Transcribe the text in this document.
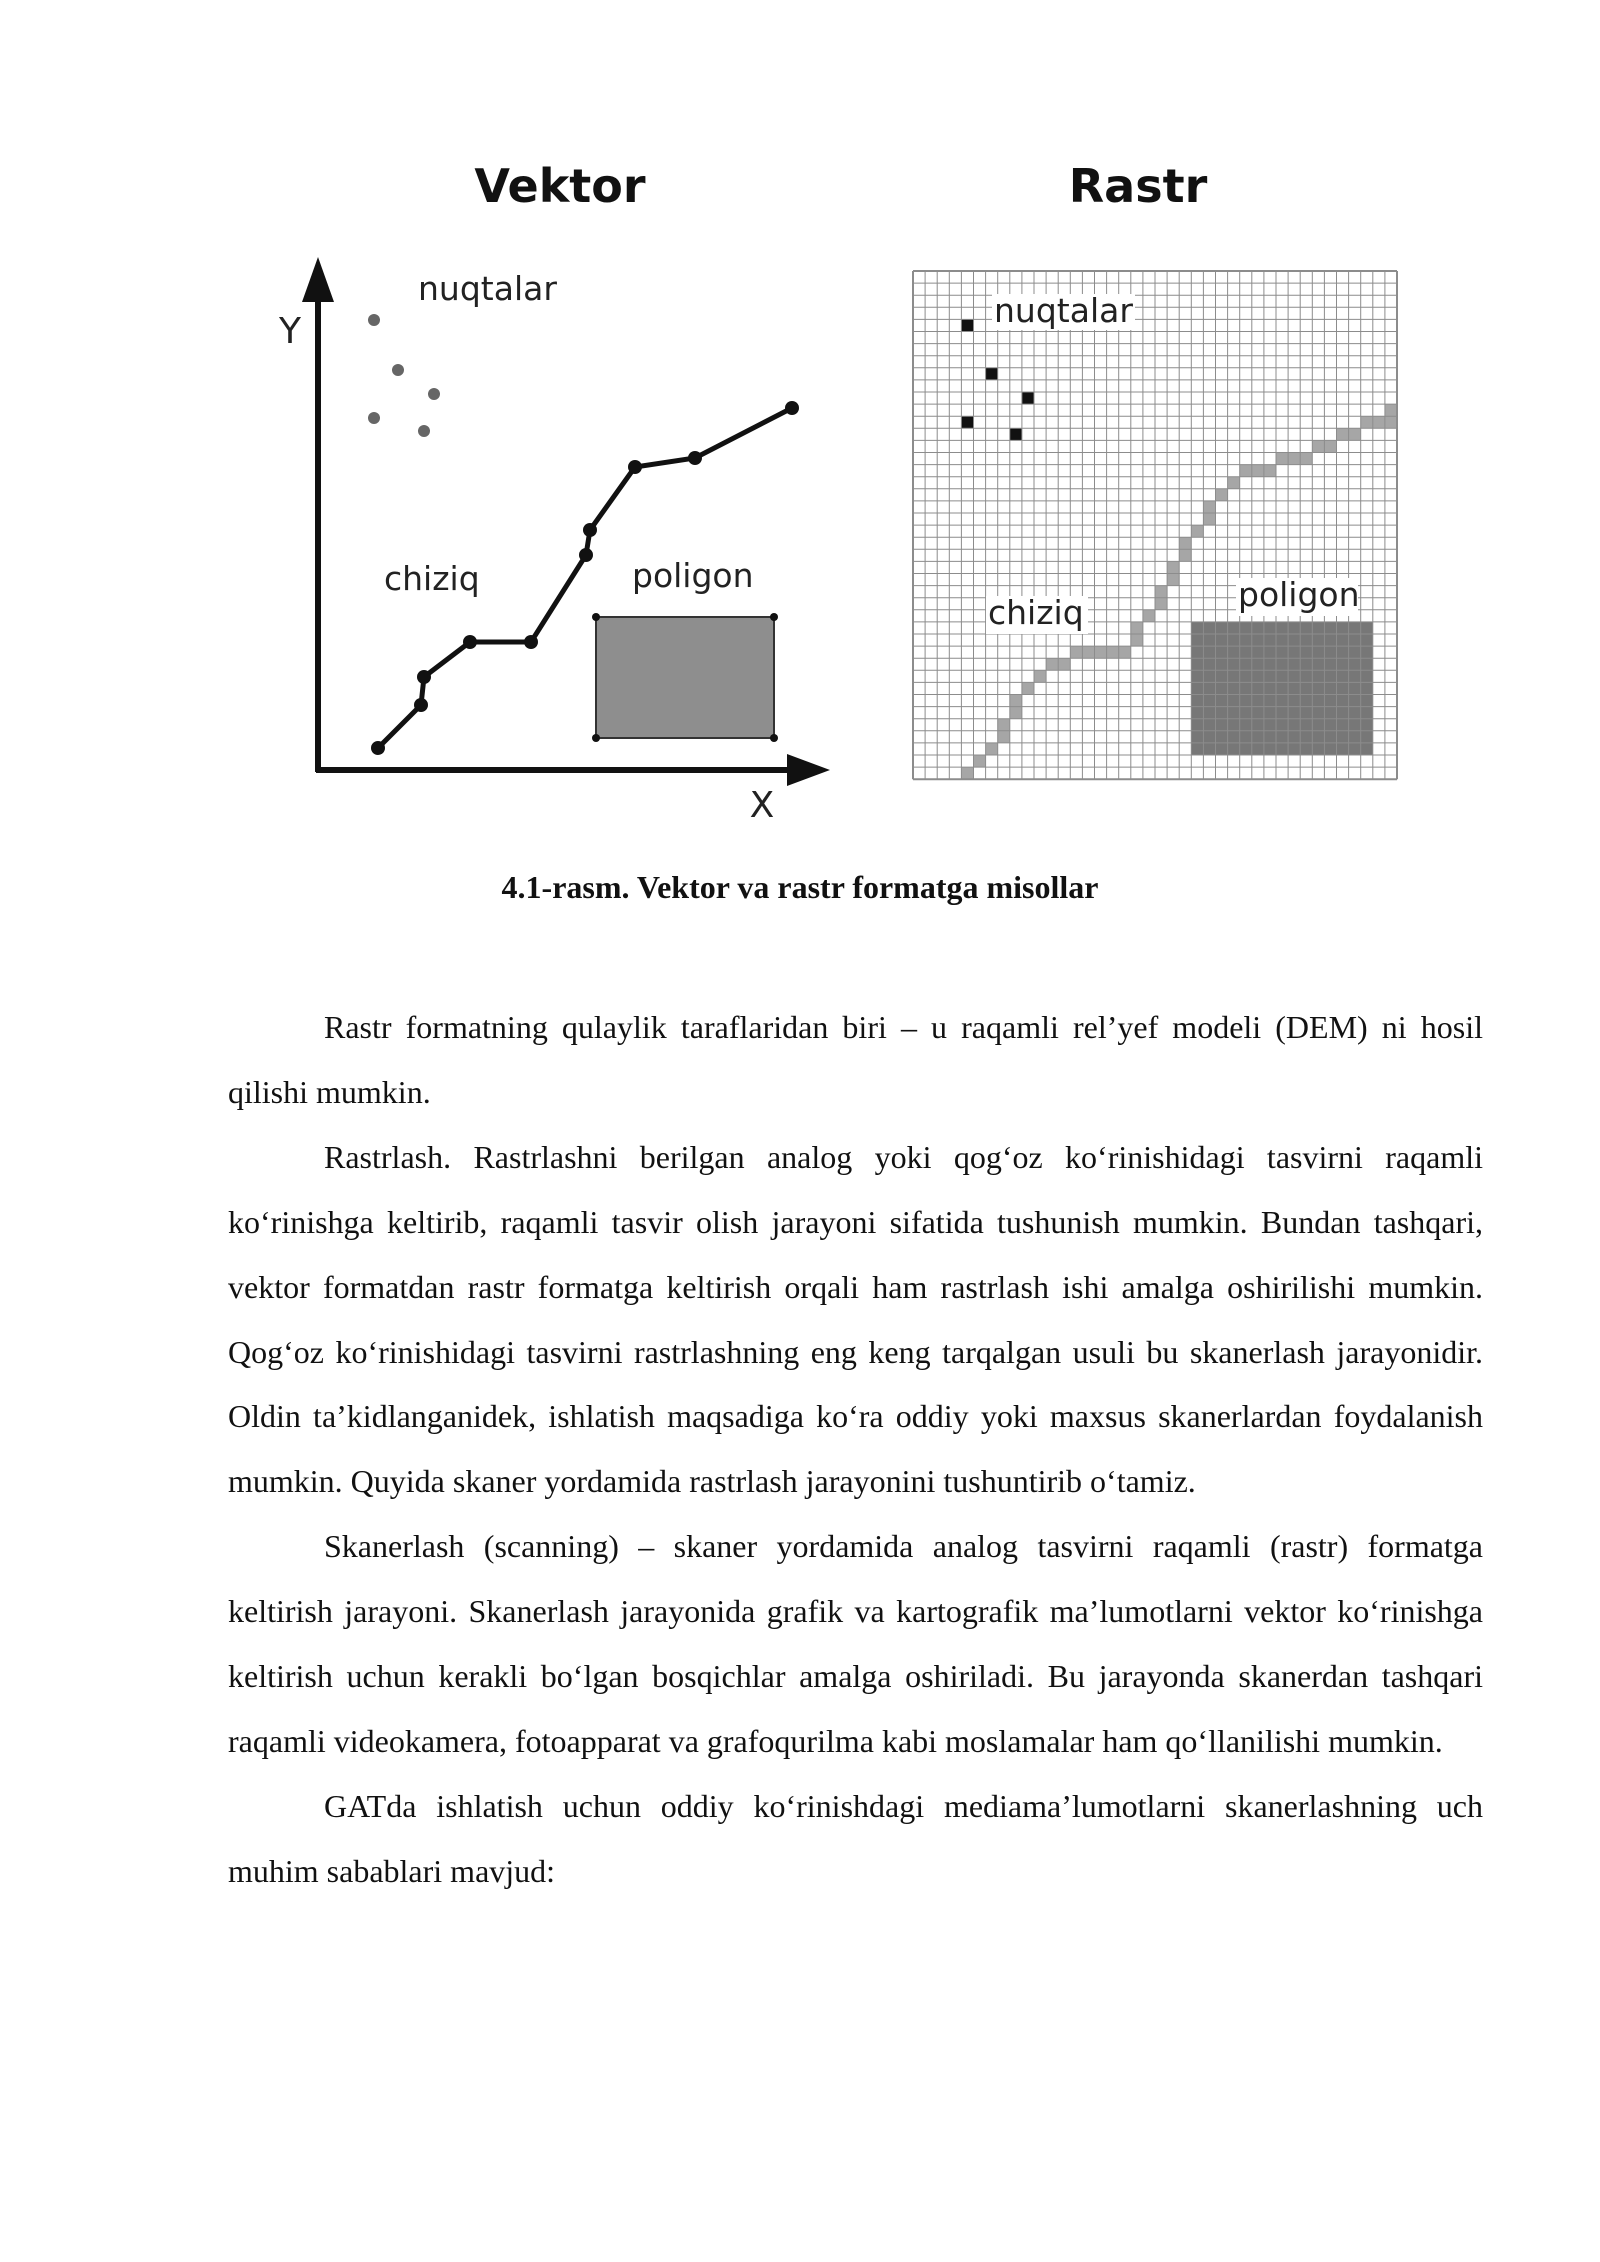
Vektor
Y
X
nuqtalar
chiziq	poligon
Rastr
nuqtalar
chiziq	poligon
4.1-rasm. Vektor va rastr formatga misollar

Rastr formatning qulaylik taraflaridan biri – u raqamli rel’yef modeli (DEM) ni hosil qilishi mumkin.

Rastrlash. Rastrlashni berilgan analog yoki qog‘oz ko‘rinishidagi tasvirni raqamli ko‘rinishga keltirib, raqamli tasvir olish jarayoni sifatida tushunish mumkin. Bundan tashqari, vektor formatdan rastr formatga keltirish orqali ham rastrlash ishi amalga oshirilishi mumkin. Qog‘oz ko‘rinishidagi tasvirni rastrlashning eng keng tarqalgan usuli bu skanerlash jarayonidir. Oldin ta’kidlanganidek, ishlatish maqsadiga ko‘ra oddiy yoki maxsus skanerlardan foydalanish mumkin. Quyida skaner yordamida rastrlash jarayonini tushuntirib o‘tamiz.

Skanerlash (scanning) – skaner yordamida analog tasvirni raqamli (rastr) formatga keltirish jarayoni. Skanerlash jarayonida grafik va kartografik ma’lumotlarni vektor ko‘rinishga keltirish uchun kerakli bo‘lgan bosqichlar amalga oshiriladi. Bu jarayonda skanerdan tashqari raqamli videokamera, fotoapparat va grafoqurilma kabi moslamalar ham qo‘llanilishi mumkin.

GATda ishlatish uchun oddiy ko‘rinishdagi mediama’lumotlarni skanerlashning uch muhim sabablari mavjud:
